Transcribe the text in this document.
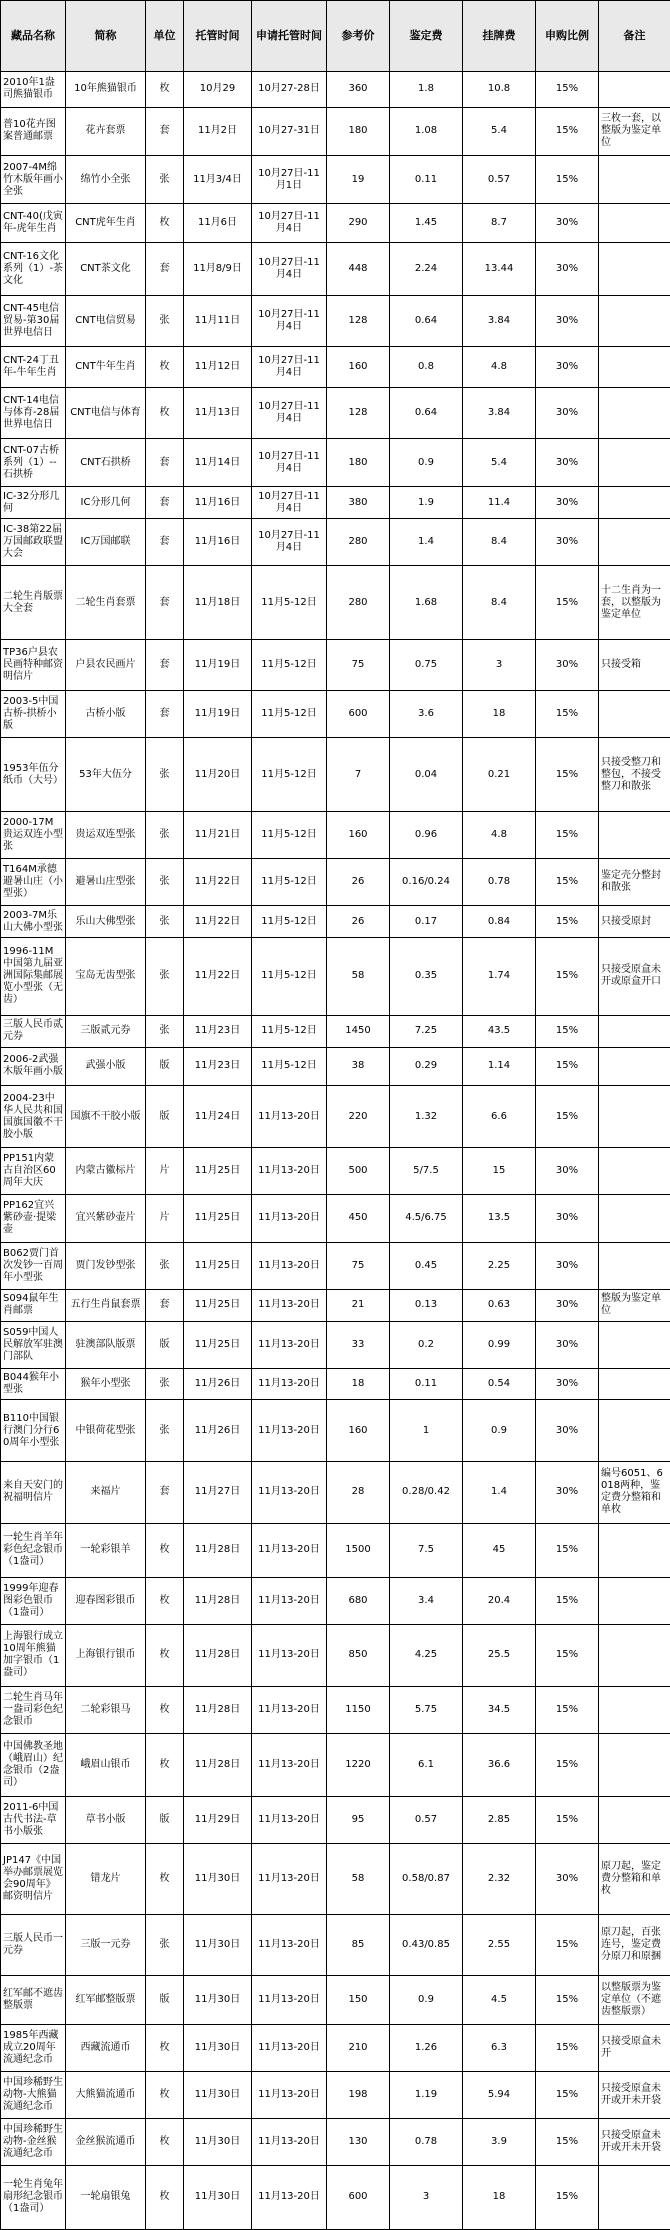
藏品名称	简称	单位	托管时间	申请托管时间	参考价	鉴定费	挂牌费	申购比例	备注
2010年1盎司熊猫银币	10年熊猫银币	枚	10月29	10月27-28日	360	1.8	10.8	15%	
普10花卉图案普通邮票	花卉套票	套	11月2日	10月27-31日	180	1.08	5.4	15%	三枚一套，以整版为鉴定单位
2007-4M绵竹木版年画小全张	绵竹小全张	张	11月3/4日	10月27日-11月1日	19	0.11	0.57	15%	
CNT-40(戊寅年-虎年生肖	CNT虎年生肖	枚	11月6日	10月27日-11月4日	290	1.45	8.7	30%	
CNT-16文化系列（1）-茶文化	CNT茶文化	套	11月8/9日	10月27日-11月4日	448	2.24	13.44	30%	
CNT-45电信贸易-第30届世界电信日	CNT电信贸易	张	11月11日	10月27日-11月4日	128	0.64	3.84	30%	
CNT-24丁丑年-牛年生肖	CNT牛年生肖	枚	11月12日	10月27日-11月4日	160	0.8	4.8	30%	
CNT-14电信与体育-28届世界电信日	CNT电信与体育	枚	11月13日	10月27日-11月4日	128	0.64	3.84	30%	
CNT-07古桥系列（1）--石拱桥	CNT石拱桥	套	11月14日	10月27日-11月4日	180	0.9	5.4	30%	
IC-32分形几何	IC分形几何	套	11月16日	10月27日-11月4日	380	1.9	11.4	30%	
IC-38第22届万国邮政联盟大会	IC万国邮联	套	11月16日	10月27日-11月4日	280	1.4	8.4	30%	
二轮生肖版票大全套	二轮生肖套票	套	11月18日	11月5-12日	280	1.68	8.4	15%	十二生肖为一套，以整版为鉴定单位
TP36户县农民画特种邮资明信片	户县农民画片	套	11月19日	11月5-12日	75	0.75	3	30%	只接受箱
2003-5中国古桥-拱桥小版	古桥小版	套	11月19日	11月5-12日	600	3.6	18	15%	
1953年伍分纸币（大号）	53年大伍分	张	11月20日	11月5-12日	7	0.04	0.21	15%	只接受整刀和整包，不接受整刀和散张
2000-17M贵运双连小型张	贵运双连型张	张	11月21日	11月5-12日	160	0.96	4.8	15%	
T164M承德避暑山庄（小型张）	避暑山庄型张	张	11月22日	11月5-12日	26	0.16/0.24	0.78	15%	鉴定壳分整封和散张
2003-7M乐山大佛小型张	乐山大佛型张	张	11月22日	11月5-12日	26	0.17	0.84	15%	只接受原封
1996-11M中国第九届亚洲国际集邮展览小型张（无齿）	宝岛无齿型张	张	11月22日	11月5-12日	58	0.35	1.74	15%	只接受原盒未开或原盒开口
三版人民币贰元券	三版贰元券	张	11月23日	11月5-12日	1450	7.25	43.5	15%	
2006-2武强木版年画小版	武强小版	版	11月23日	11月5-12日	38	0.29	1.14	15%	
2004-23中华人民共和国国旗国徽不干胶小版	国旗不干胶小版	版	11月24日	11月13-20日	220	1.32	6.6	15%	
PP151内蒙古自治区60周年大庆	内蒙古徽标片	片	11月25日	11月13-20日	500	5/7.5	15	30%	
PP162宜兴紫砂壶·提梁壶	宜兴紫砂壶片	片	11月25日	11月13-20日	450	4.5/6.75	13.5	30%	
B062贾门首次发钞一百周年小型张	贾门发钞型张	张	11月25日	11月13-20日	75	0.45	2.25	30%	
S094鼠年生肖邮票	五行生肖鼠套票	套	11月25日	11月13-20日	21	0.13	0.63	30%	整版为鉴定单位
S059中国人民解放军驻澳门部队	驻澳部队版票	版	11月25日	11月13-20日	33	0.2	0.99	30%	
B044猴年小型张	猴年小型张	张	11月26日	11月13-20日	18	0.11	0.54	30%	
B110中国银行澳门分行60周年小型张	中银荷花型张	张	11月26日	11月13-20日	160	1	0.9	30%	
来自天安门的祝福明信片	来福片	套	11月27日	11月13-20日	28	0.28/0.42	1.4	30%	编号6051、6018两种，鉴定费分整箱和单枚
一轮生肖羊年彩色纪念银币（1盎司）	一轮彩银羊	枚	11月28日	11月13-20日	1500	7.5	45	15%	
1999年迎春图彩色银币（1盎司）	迎春图彩银币	枚	11月28日	11月13-20日	680	3.4	20.4	15%	
上海银行成立10周年熊猫加字银币（1盎司）	上海银行银币	枚	11月28日	11月13-20日	850	4.25	25.5	15%	
二轮生肖马年一盎司彩色纪念银币	二轮彩银马	枚	11月28日	11月13-20日	1150	5.75	34.5	15%	
中国佛教圣地（峨眉山）纪念银币（2盎司）	峨眉山银币	枚	11月28日	11月13-20日	1220	6.1	36.6	15%	
2011-6中国古代书法-草书小版张	草书小版	版	11月29日	11月13-20日	95	0.57	2.85	15%	
JP147《中国举办邮票展览会90周年》邮资明信片	错龙片	枚	11月30日	11月13-20日	58	0.58/0.87	2.32	30%	原刀起，鉴定费分整箱和单枚
三版人民币一元券	三版一元券	张	11月30日	11月13-20日	85	0.43/0.85	2.55	15%	原刀起，百张连号，鉴定费分原刀和原捆
红军邮不遮齿整版票	红军邮整版票	版	11月30日	11月13-20日	150	0.9	4.5	15%	以整版票为鉴定单位（不遮齿整版票）
1985年西藏成立20周年流通纪念币	西藏流通币	枚	11月30日	11月13-20日	210	1.26	6.3	15%	只接受原盒未开
中国珍稀野生动物-大熊猫流通纪念币	大熊猫流通币	枚	11月30日	11月13-20日	198	1.19	5.94	15%	只接受原盒未开或开未开袋
中国珍稀野生动物-金丝猴流通纪念币	金丝猴流通币	枚	11月30日	11月13-20日	130	0.78	3.9	15%	只接受原盒未开或开未开袋
一轮生肖兔年扇形纪念银币（1盎司）	一轮扇银兔	枚	11月30日	11月13-20日	600	3	18	15%	
